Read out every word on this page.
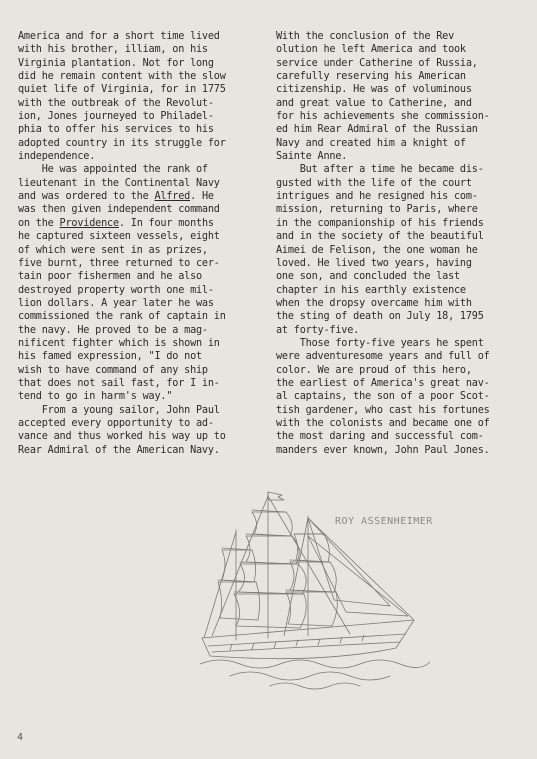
America and for a short time lived
with his brother, illiam, on his
Virginia plantation. Not for long
did he remain content with the slow
quiet life of Virginia, for in 1775
with the outbreak of the Revolut-
ion, Jones journeyed to Philadel-
phia to offer his services to his
adopted country in its struggle for
independence.
He was appointed the rank of
lieutenant in the Continental Navy
and was ordered to the Alfred. He
was then given independent command
on the Providence. In four months
he captured sixteen vessels, eight
of which were sent in as prizes,
five burnt, three returned to cer-
tain poor fishermen and he also
destroyed property worth one mil-
lion dollars. A year later he was
commissioned the rank of captain in
the navy. He proved to be a mag-
nificent fighter which is shown in
his famed expression, "I do not
wish to have command of any ship
that does not sail fast, for I in-
tend to go in harm's way."
From a young sailor, John Paul
accepted every opportunity to ad-
vance and thus worked his way up to
Rear Admiral of the American Navy.
With the conclusion of the Rev
olution he left America and took
service under Catherine of Russia,
carefully reserving his American
citizenship. He was of voluminous
and great value to Catherine, and
for his achievements she commission-
ed him Rear Admiral of the Russian
Navy and created him a knight of
Sainte Anne.
But after a time he became dis-
gusted with the life of the court
intrigues and he resigned his com-
mission, returning to Paris, where
in the companionship of his friends
and in the society of the beautiful
Aimei de Felison, the one woman he
loved. He lived two years, having
one son, and concluded the last
chapter in his earthly existence
when the dropsy overcame him with
the sting of death on July 18, 1795
at forty-five.
Those forty-five years he spent
were adventuresome years and full of
color. We are proud of this hero,
the earliest of America's great nav-
al captains, the son of a poor Scot-
tish gardener, who cast his fortunes
with the colonists and became one of
the most daring and successful com-
manders ever known, John Paul Jones.
ROY ASSENHEIMER
4
